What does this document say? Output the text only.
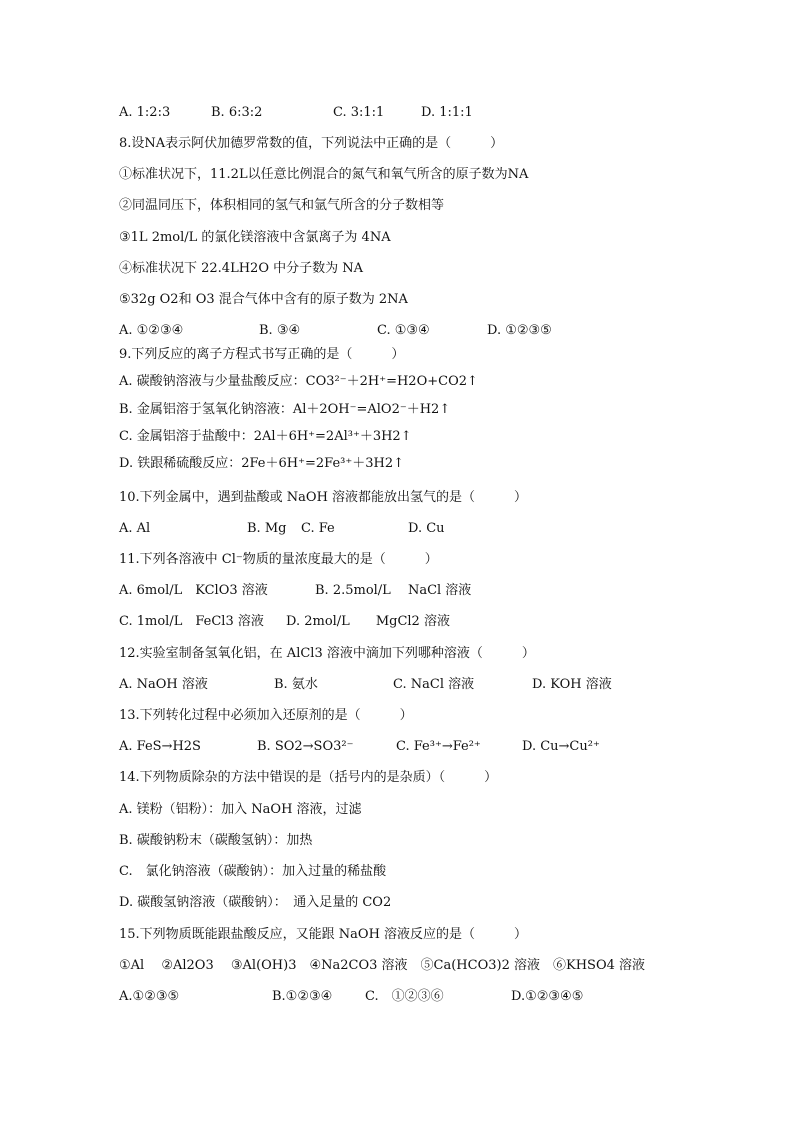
A. 1:2:3	B. 6:3:2	C. 3:1:1	D. 1:1:1
8.设NA表示阿伏加德罗常数的值，下列说法中正确的是（　　　）
①标准状况下，11.2L以任意比例混合的氮气和氧气所含的原子数为NA
②同温同压下，体积相同的氢气和氩气所含的分子数相等
③1L 2mol/L 的氯化镁溶液中含氯离子为 4NA
④标准状况下 22.4LH2O 中分子数为 NA
⑤32g O2和 O3 混合气体中含有的原子数为 2NA
A. ①②③④	B. ③④	C. ①③④	D. ①②③⑤
9.下列反应的离子方程式书写正确的是（　　　）
A. 碳酸钠溶液与少量盐酸反应：CO3²⁻＋2H⁺=H2O+CO2↑
B. 金属铝溶于氢氧化钠溶液：Al＋2OH⁻=AlO2⁻＋H2↑
C. 金属铝溶于盐酸中：2Al＋6H⁺=2Al³⁺＋3H2↑
D. 铁跟稀硫酸反应：2Fe＋6H⁺=2Fe³⁺＋3H2↑
10.下列金属中，遇到盐酸或 NaOH 溶液都能放出氢气的是（　　　）
A. Al	B. Mg C. Fe	D. Cu
11.下列各溶液中 Cl⁻物质的量浓度最大的是（　　　）
A. 6mol/L　KClO3 溶液	B. 2.5mol/L　 NaCl 溶液
C. 1mol/L　FeCl3 溶液 D. 2mol/L　　MgCl2 溶液
12.实验室制备氢氧化铝，在 AlCl3 溶液中滴加下列哪种溶液（　　　）
A. NaOH 溶液	B. 氨水	C. NaCl 溶液	D. KOH 溶液
13.下列转化过程中必须加入还原剂的是（　　　）
A. FeS→H2S	B. SO2→SO3²⁻	C. Fe³⁺→Fe²⁺	D. Cu→Cu²⁺
14.下列物质除杂的方法中错误的是（括号内的是杂质）（　　　）
A. 镁粉（铝粉）：加入 NaOH 溶液，过滤
B. 碳酸钠粉末（碳酸氢钠）：加热
C.　氯化钠溶液（碳酸钠）：加入过量的稀盐酸
D. 碳酸氢钠溶液（碳酸钠）：　通入足量的 CO2
15.下列物质既能跟盐酸反应，又能跟 NaOH 溶液反应的是（　　　）
①Al　 ②Al2O3　 ③Al(OH)3　④Na2CO3 溶液　⑤Ca(HCO3)2 溶液　⑥KHSO4 溶液
A.①②③⑤	B.①②③④	C.　①②③⑥	D.①②③④⑤
